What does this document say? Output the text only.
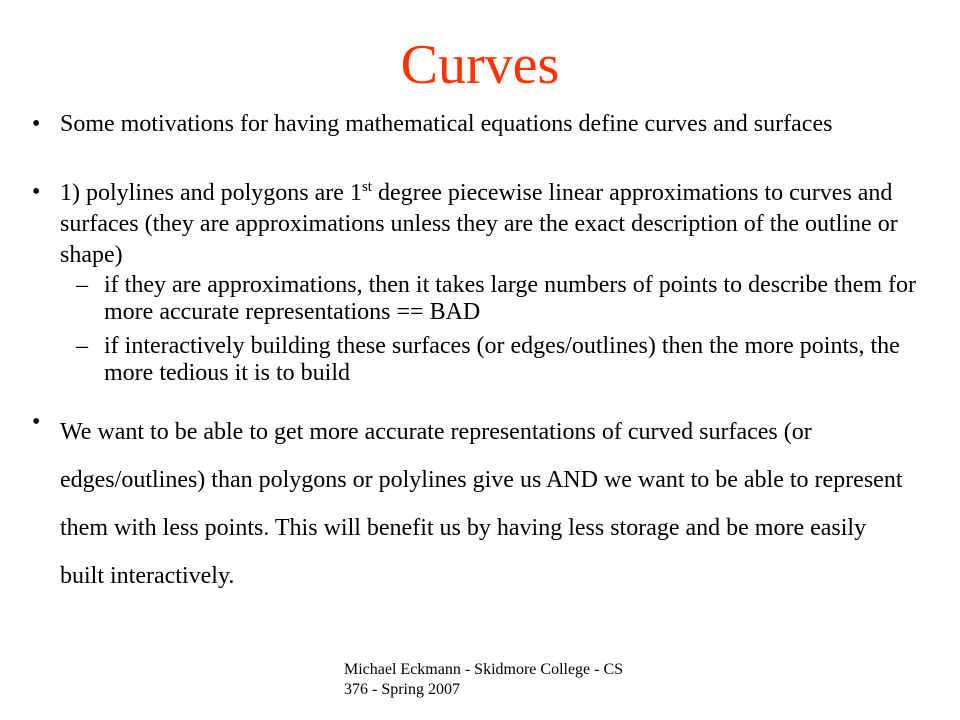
Curves
• Some motivations for having mathematical equations define curves and surfaces
• 1) polylines and polygons are 1st degree piecewise linear approximations to curves and surfaces (they are approximations unless they are the exact description of the outline or shape)
– if they are approximations, then it takes large numbers of points to describe them for more accurate representations == BAD
– if interactively building these surfaces (or edges/outlines) then the more points, the more tedious it is to build
• We want to be able to get more accurate representations of curved surfaces (or edges/outlines) than polygons or polylines give us AND we want to be able to represent them with less points. This will benefit us by having less storage and be more easily built interactively.
Michael Eckmann - Skidmore College - CS 376 - Spring 2007
